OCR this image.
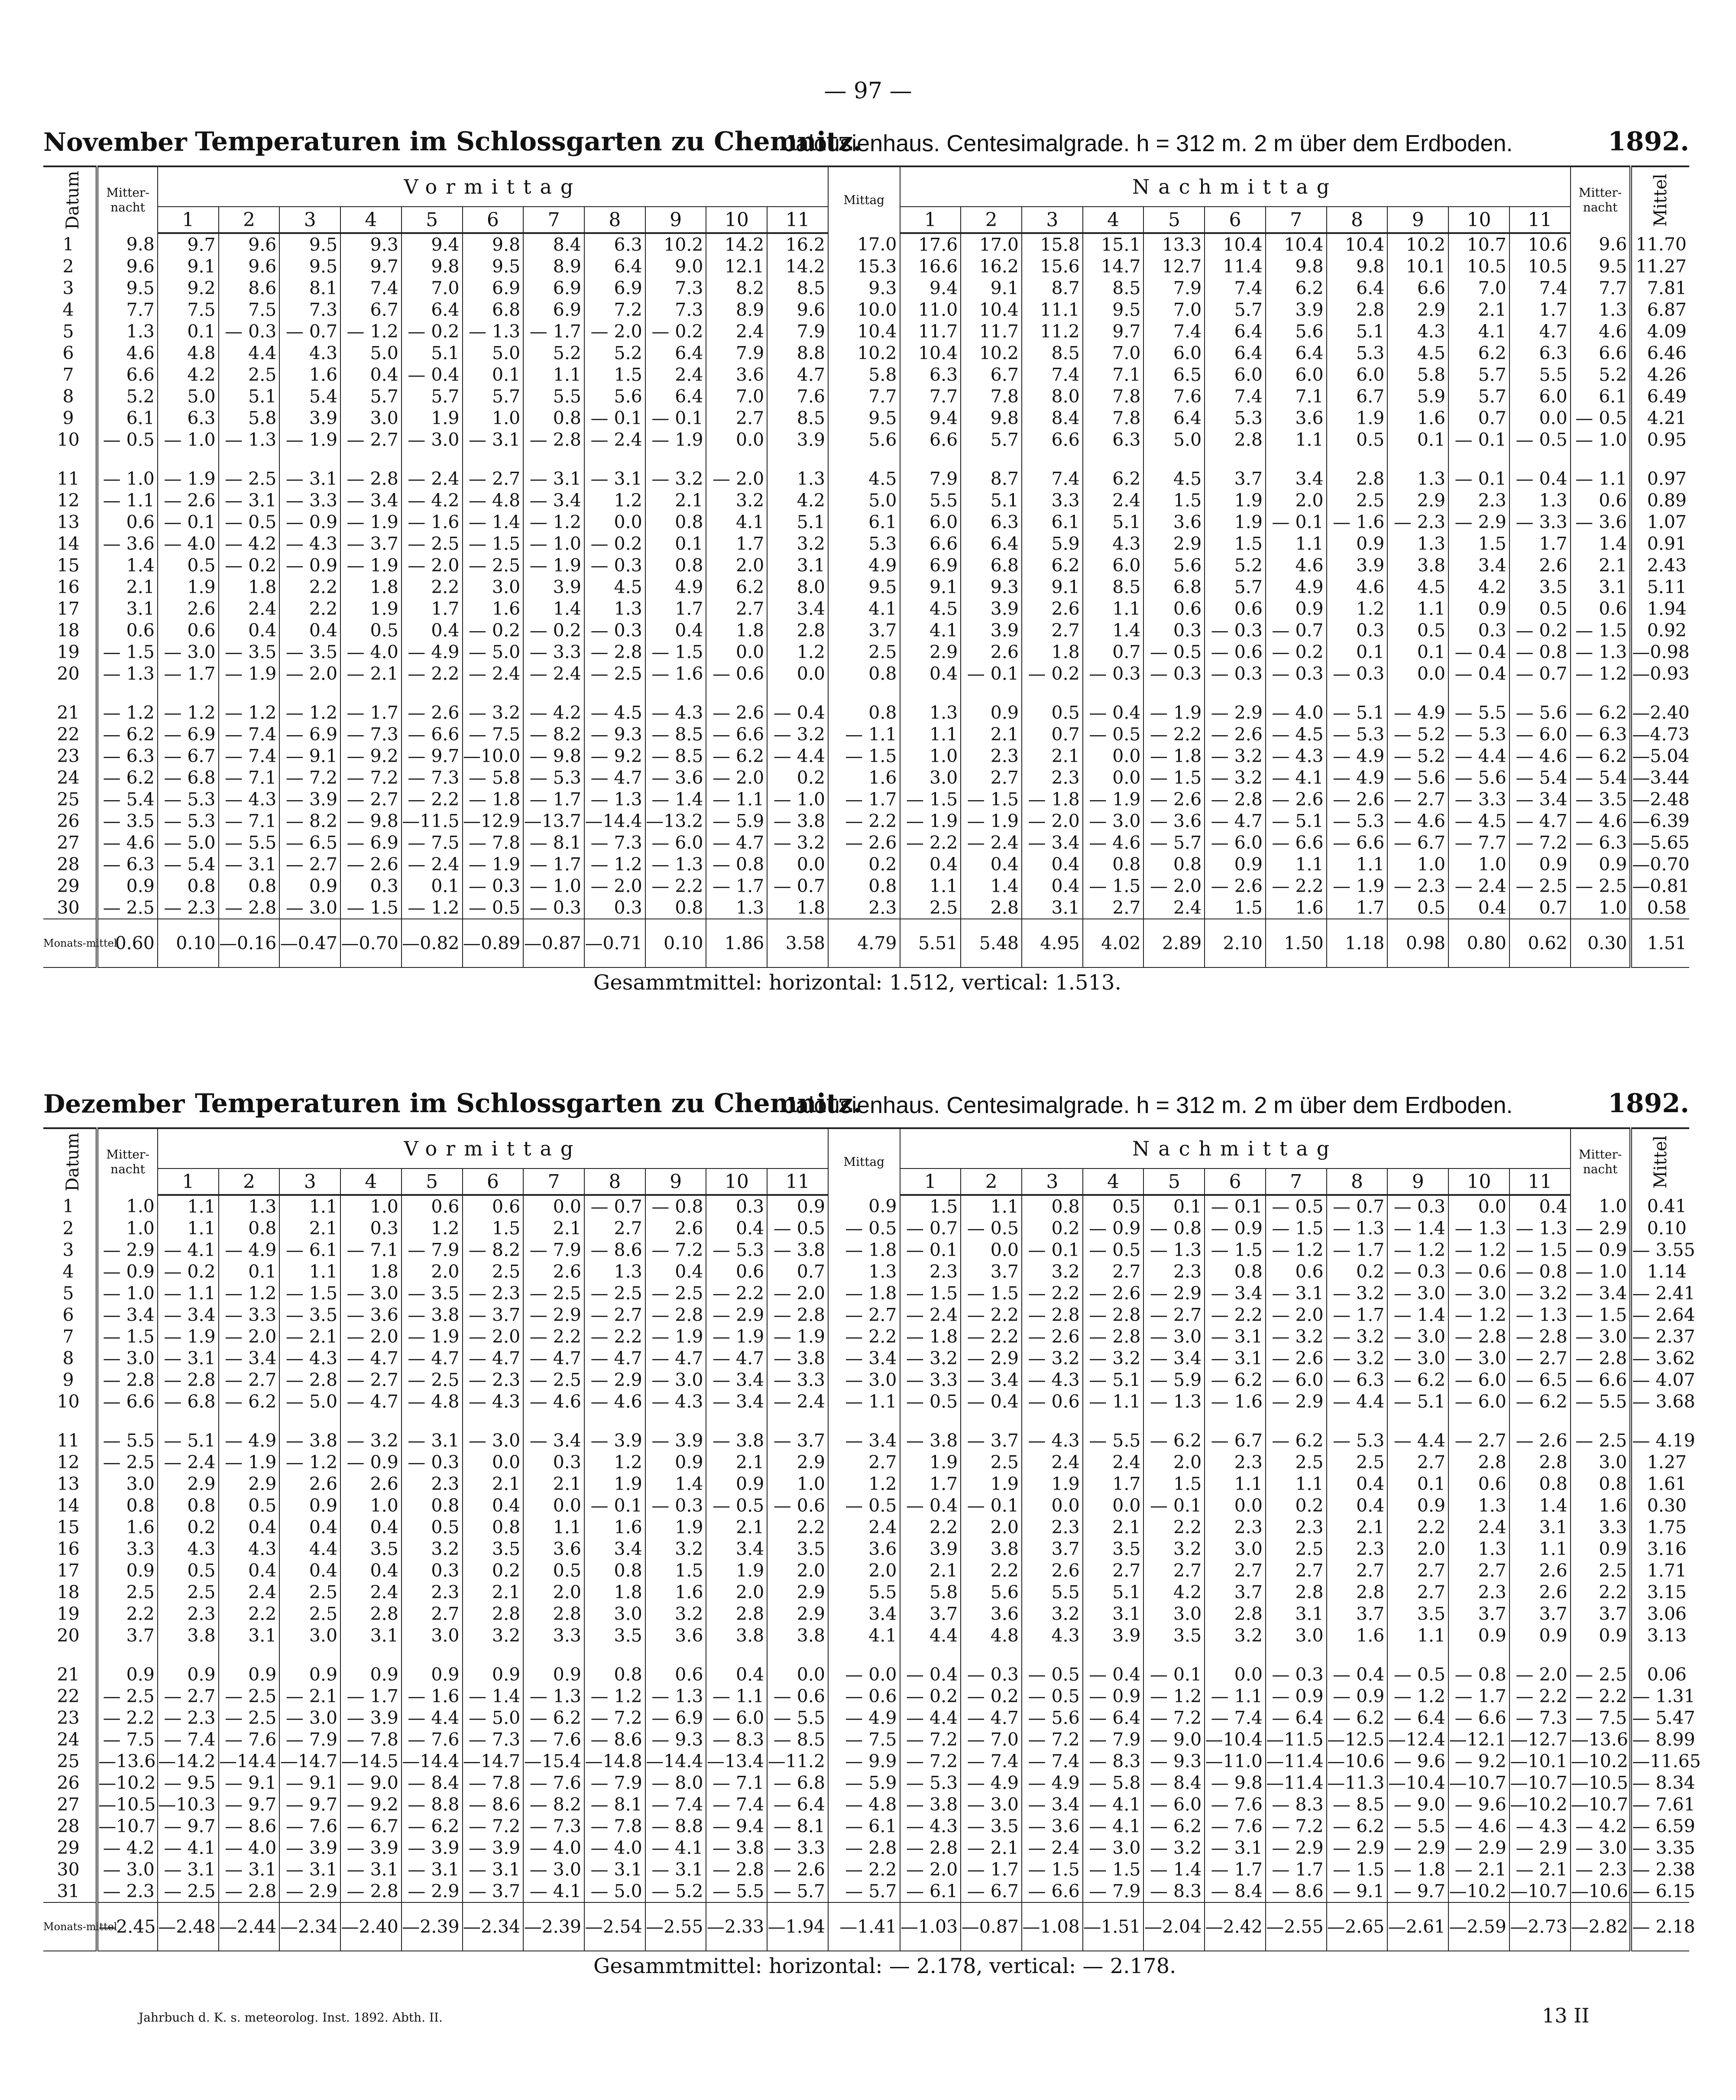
— 97 —
November Temperaturen im Schlossgarten zu Chemnitz.
Jalousienhaus. Centesimalgrade. h = 312 m. 2 m über dem Erdboden.	1892.
Datum	Mitter-nacht	Vormittag											Mittag	Nachmittag											Mitter-nacht	Mittel
		1	2	3	4	5	6	7	8	9	10	11		1	2	3	4	5	6	7	8	9	10	11		
1	9.8	9.7	9.6	9.5	9.3	9.4	9.8	8.4	6.3	10.2	14.2	16.2	17.0	17.6	17.0	15.8	15.1	13.3	10.4	10.4	10.4	10.2	10.7	10.6	9.6	11.70
2	9.6	9.1	9.6	9.5	9.7	9.8	9.5	8.9	6.4	9.0	12.1	14.2	15.3	16.6	16.2	15.6	14.7	12.7	11.4	9.8	9.8	10.1	10.5	10.5	9.5	11.27
3	9.5	9.2	8.6	8.1	7.4	7.0	6.9	6.9	6.9	7.3	8.2	8.5	9.3	9.4	9.1	8.7	8.5	7.9	7.4	6.2	6.4	6.6	7.0	7.4	7.7	7.81
4	7.7	7.5	7.5	7.3	6.7	6.4	6.8	6.9	7.2	7.3	8.9	9.6	10.0	11.0	10.4	11.1	9.5	7.0	5.7	3.9	2.8	2.9	2.1	1.7	1.3	6.87
5	1.3	0.1	— 0.3	— 0.7	— 1.2	— 0.2	— 1.3	— 1.7	— 2.0	— 0.2	2.4	7.9	10.4	11.7	11.7	11.2	9.7	7.4	6.4	5.6	5.1	4.3	4.1	4.7	4.6	4.09
6	4.6	4.8	4.4	4.3	5.0	5.1	5.0	5.2	5.2	6.4	7.9	8.8	10.2	10.4	10.2	8.5	7.0	6.0	6.4	6.4	5.3	4.5	6.2	6.3	6.6	6.46
7	6.6	4.2	2.5	1.6	0.4	— 0.4	0.1	1.1	1.5	2.4	3.6	4.7	5.8	6.3	6.7	7.4	7.1	6.5	6.0	6.0	6.0	5.8	5.7	5.5	5.2	4.26
8	5.2	5.0	5.1	5.4	5.7	5.7	5.7	5.5	5.6	6.4	7.0	7.6	7.7	7.7	7.8	8.0	7.8	7.6	7.4	7.1	6.7	5.9	5.7	6.0	6.1	6.49
9	6.1	6.3	5.8	3.9	3.0	1.9	1.0	0.8	— 0.1	— 0.1	2.7	8.5	9.5	9.4	9.8	8.4	7.8	6.4	5.3	3.6	1.9	1.6	0.7	0.0	— 0.5	4.21
10	— 0.5	— 1.0	— 1.3	— 1.9	— 2.7	— 3.0	— 3.1	— 2.8	— 2.4	— 1.9	0.0	3.9	5.6	6.6	5.7	6.6	6.3	5.0	2.8	1.1	0.5	0.1	— 0.1	— 0.5	— 1.0	0.95

11	— 1.0	— 1.9	— 2.5	— 3.1	— 2.8	— 2.4	— 2.7	— 3.1	— 3.1	— 3.2	— 2.0	1.3	4.5	7.9	8.7	7.4	6.2	4.5	3.7	3.4	2.8	1.3	— 0.1	— 0.4	— 1.1	0.97
12	— 1.1	— 2.6	— 3.1	— 3.3	— 3.4	— 4.2	— 4.8	— 3.4	1.2	2.1	3.2	4.2	5.0	5.5	5.1	3.3	2.4	1.5	1.9	2.0	2.5	2.9	2.3	1.3	0.6	0.89
13	0.6	— 0.1	— 0.5	— 0.9	— 1.9	— 1.6	— 1.4	— 1.2	0.0	0.8	4.1	5.1	6.1	6.0	6.3	6.1	5.1	3.6	1.9	— 0.1	— 1.6	— 2.3	— 2.9	— 3.3	— 3.6	1.07
14	— 3.6	— 4.0	— 4.2	— 4.3	— 3.7	— 2.5	— 1.5	— 1.0	— 0.2	0.1	1.7	3.2	5.3	6.6	6.4	5.9	4.3	2.9	1.5	1.1	0.9	1.3	1.5	1.7	1.4	0.91
15	1.4	0.5	— 0.2	— 0.9	— 1.9	— 2.0	— 2.5	— 1.9	— 0.3	0.8	2.0	3.1	4.9	6.9	6.8	6.2	6.0	5.6	5.2	4.6	3.9	3.8	3.4	2.6	2.1	2.43
16	2.1	1.9	1.8	2.2	1.8	2.2	3.0	3.9	4.5	4.9	6.2	8.0	9.5	9.1	9.3	9.1	8.5	6.8	5.7	4.9	4.6	4.5	4.2	3.5	3.1	5.11
17	3.1	2.6	2.4	2.2	1.9	1.7	1.6	1.4	1.3	1.7	2.7	3.4	4.1	4.5	3.9	2.6	1.1	0.6	0.6	0.9	1.2	1.1	0.9	0.5	0.6	1.94
18	0.6	0.6	0.4	0.4	0.5	0.4	— 0.2	— 0.2	— 0.3	0.4	1.8	2.8	3.7	4.1	3.9	2.7	1.4	0.3	— 0.3	— 0.7	0.3	0.5	0.3	— 0.2	— 1.5	0.92
19	— 1.5	— 3.0	— 3.5	— 3.5	— 4.0	— 4.9	— 5.0	— 3.3	— 2.8	— 1.5	0.0	1.2	2.5	2.9	2.6	1.8	0.7	— 0.5	— 0.6	— 0.2	0.1	0.1	— 0.4	— 0.8	— 1.3	—0.98
20	— 1.3	— 1.7	— 1.9	— 2.0	— 2.1	— 2.2	— 2.4	— 2.4	— 2.5	— 1.6	— 0.6	0.0	0.8	0.4	— 0.1	— 0.2	— 0.3	— 0.3	— 0.3	— 0.3	— 0.3	0.0	— 0.4	— 0.7	— 1.2	—0.93

21	— 1.2	— 1.2	— 1.2	— 1.2	— 1.7	— 2.6	— 3.2	— 4.2	— 4.5	— 4.3	— 2.6	— 0.4	0.8	1.3	0.9	0.5	— 0.4	— 1.9	— 2.9	— 4.0	— 5.1	— 4.9	— 5.5	— 5.6	— 6.2	—2.40
22	— 6.2	— 6.9	— 7.4	— 6.9	— 7.3	— 6.6	— 7.5	— 8.2	— 9.3	— 8.5	— 6.6	— 3.2	— 1.1	1.1	2.1	0.7	— 0.5	— 2.2	— 2.6	— 4.5	— 5.3	— 5.2	— 5.3	— 6.0	— 6.3	—4.73
23	— 6.3	— 6.7	— 7.4	— 9.1	— 9.2	— 9.7	—10.0	— 9.8	— 9.2	— 8.5	— 6.2	— 4.4	— 1.5	1.0	2.3	2.1	0.0	— 1.8	— 3.2	— 4.3	— 4.9	— 5.2	— 4.4	— 4.6	— 6.2	—5.04
24	— 6.2	— 6.8	— 7.1	— 7.2	— 7.2	— 7.3	— 5.8	— 5.3	— 4.7	— 3.6	— 2.0	0.2	1.6	3.0	2.7	2.3	0.0	— 1.5	— 3.2	— 4.1	— 4.9	— 5.6	— 5.6	— 5.4	— 5.4	—3.44
25	— 5.4	— 5.3	— 4.3	— 3.9	— 2.7	— 2.2	— 1.8	— 1.7	— 1.3	— 1.4	— 1.1	— 1.0	— 1.7	— 1.5	— 1.5	— 1.8	— 1.9	— 2.6	— 2.8	— 2.6	— 2.6	— 2.7	— 3.3	— 3.4	— 3.5	—2.48
26	— 3.5	— 5.3	— 7.1	— 8.2	— 9.8	—11.5	—12.9	—13.7	—14.4	—13.2	— 5.9	— 3.8	— 2.2	— 1.9	— 1.9	— 2.0	— 3.0	— 3.6	— 4.7	— 5.1	— 5.3	— 4.6	— 4.5	— 4.7	— 4.6	—6.39
27	— 4.6	— 5.0	— 5.5	— 6.5	— 6.9	— 7.5	— 7.8	— 8.1	— 7.3	— 6.0	— 4.7	— 3.2	— 2.6	— 2.2	— 2.4	— 3.4	— 4.6	— 5.7	— 6.0	— 6.6	— 6.6	— 6.7	— 7.7	— 7.2	— 6.3	—5.65
28	— 6.3	— 5.4	— 3.1	— 2.7	— 2.6	— 2.4	— 1.9	— 1.7	— 1.2	— 1.3	— 0.8	0.0	0.2	0.4	0.4	0.4	0.8	0.8	0.9	1.1	1.1	1.0	1.0	0.9	0.9	—0.70
29	0.9	0.8	0.8	0.9	0.3	0.1	— 0.3	— 1.0	— 2.0	— 2.2	— 1.7	— 0.7	0.8	1.1	1.4	0.4	— 1.5	— 2.0	— 2.6	— 2.2	— 1.9	— 2.3	— 2.4	— 2.5	— 2.5	—0.81
30	— 2.5	— 2.3	— 2.8	— 3.0	— 1.5	— 1.2	— 0.5	— 0.3	0.3	0.8	1.3	1.8	2.3	2.5	2.8	3.1	2.7	2.4	1.5	1.6	1.7	0.5	0.4	0.7	1.0	0.58
Monats-mittel	0.60	0.10	—0.16	—0.47	—0.70	—0.82	—0.89	—0.87	—0.71	0.10	1.86	3.58	4.79	5.51	5.48	4.95	4.02	2.89	2.10	1.50	1.18	0.98	0.80	0.62	0.30	1.51
Gesammtmittel: horizontal: 1.512, vertical: 1.513.
Dezember Temperaturen im Schlossgarten zu Chemnitz.
Jalousienhaus. Centesimalgrade. h = 312 m. 2 m über dem Erdboden.	1892.
Datum	Mitter-nacht	Vormittag											Mittag	Nachmittag											Mitter-nacht	Mittel
		1	2	3	4	5	6	7	8	9	10	11		1	2	3	4	5	6	7	8	9	10	11		
1	1.0	1.1	1.3	1.1	1.0	0.6	0.6	0.0	— 0.7	— 0.8	0.3	0.9	0.9	1.5	1.1	0.8	0.5	0.1	— 0.1	— 0.5	— 0.7	— 0.3	0.0	0.4	1.0	0.41
2	1.0	1.1	0.8	2.1	0.3	1.2	1.5	2.1	2.7	2.6	0.4	— 0.5	— 0.5	— 0.7	— 0.5	0.2	— 0.9	— 0.8	— 0.9	— 1.5	— 1.3	— 1.4	— 1.3	— 1.3	— 2.9	0.10
3	— 2.9	— 4.1	— 4.9	— 6.1	— 7.1	— 7.9	— 8.2	— 7.9	— 8.6	— 7.2	— 5.3	— 3.8	— 1.8	— 0.1	0.0	— 0.1	— 0.5	— 1.3	— 1.5	— 1.2	— 1.7	— 1.2	— 1.2	— 1.5	— 0.9	— 3.55
4	— 0.9	— 0.2	0.1	1.1	1.8	2.0	2.5	2.6	1.3	0.4	0.6	0.7	1.3	2.3	3.7	3.2	2.7	2.3	0.8	0.6	0.2	— 0.3	— 0.6	— 0.8	— 1.0	1.14
5	— 1.0	— 1.1	— 1.2	— 1.5	— 3.0	— 3.5	— 2.3	— 2.5	— 2.5	— 2.5	— 2.2	— 2.0	— 1.8	— 1.5	— 1.5	— 2.2	— 2.6	— 2.9	— 3.4	— 3.1	— 3.2	— 3.0	— 3.0	— 3.2	— 3.4	— 2.41
6	— 3.4	— 3.4	— 3.3	— 3.5	— 3.6	— 3.8	— 3.7	— 2.9	— 2.7	— 2.8	— 2.9	— 2.8	— 2.7	— 2.4	— 2.2	— 2.8	— 2.8	— 2.7	— 2.2	— 2.0	— 1.7	— 1.4	— 1.2	— 1.3	— 1.5	— 2.64
7	— 1.5	— 1.9	— 2.0	— 2.1	— 2.0	— 1.9	— 2.0	— 2.2	— 2.2	— 1.9	— 1.9	— 1.9	— 2.2	— 1.8	— 2.2	— 2.6	— 2.8	— 3.0	— 3.1	— 3.2	— 3.2	— 3.0	— 2.8	— 2.8	— 3.0	— 2.37
8	— 3.0	— 3.1	— 3.4	— 4.3	— 4.7	— 4.7	— 4.7	— 4.7	— 4.7	— 4.7	— 4.7	— 3.8	— 3.4	— 3.2	— 2.9	— 3.2	— 3.2	— 3.4	— 3.1	— 2.6	— 3.2	— 3.0	— 3.0	— 2.7	— 2.8	— 3.62
9	— 2.8	— 2.8	— 2.7	— 2.8	— 2.7	— 2.5	— 2.3	— 2.5	— 2.9	— 3.0	— 3.4	— 3.3	— 3.0	— 3.3	— 3.4	— 4.3	— 5.1	— 5.9	— 6.2	— 6.0	— 6.3	— 6.2	— 6.0	— 6.5	— 6.6	— 4.07
10	— 6.6	— 6.8	— 6.2	— 5.0	— 4.7	— 4.8	— 4.3	— 4.6	— 4.6	— 4.3	— 3.4	— 2.4	— 1.1	— 0.5	— 0.4	— 0.6	— 1.1	— 1.3	— 1.6	— 2.9	— 4.4	— 5.1	— 6.0	— 6.2	— 5.5	— 3.68

11	— 5.5	— 5.1	— 4.9	— 3.8	— 3.2	— 3.1	— 3.0	— 3.4	— 3.9	— 3.9	— 3.8	— 3.7	— 3.4	— 3.8	— 3.7	— 4.3	— 5.5	— 6.2	— 6.7	— 6.2	— 5.3	— 4.4	— 2.7	— 2.6	— 2.5	— 4.19
12	— 2.5	— 2.4	— 1.9	— 1.2	— 0.9	— 0.3	0.0	0.3	1.2	0.9	2.1	2.9	2.7	1.9	2.5	2.4	2.4	2.0	2.3	2.5	2.5	2.7	2.8	2.8	3.0	1.27
13	3.0	2.9	2.9	2.6	2.6	2.3	2.1	2.1	1.9	1.4	0.9	1.0	1.2	1.7	1.9	1.9	1.7	1.5	1.1	1.1	0.4	0.1	0.6	0.8	0.8	1.61
14	0.8	0.8	0.5	0.9	1.0	0.8	0.4	0.0	— 0.1	— 0.3	— 0.5	— 0.6	— 0.5	— 0.4	— 0.1	0.0	0.0	— 0.1	0.0	0.2	0.4	0.9	1.3	1.4	1.6	0.30
15	1.6	0.2	0.4	0.4	0.4	0.5	0.8	1.1	1.6	1.9	2.1	2.2	2.4	2.2	2.0	2.3	2.1	2.2	2.3	2.3	2.1	2.2	2.4	3.1	3.3	1.75
16	3.3	4.3	4.3	4.4	3.5	3.2	3.5	3.6	3.4	3.2	3.4	3.5	3.6	3.9	3.8	3.7	3.5	3.2	3.0	2.5	2.3	2.0	1.3	1.1	0.9	3.16
17	0.9	0.5	0.4	0.4	0.4	0.3	0.2	0.5	0.8	1.5	1.9	2.0	2.0	2.1	2.2	2.6	2.7	2.7	2.7	2.7	2.7	2.7	2.7	2.6	2.5	1.71
18	2.5	2.5	2.4	2.5	2.4	2.3	2.1	2.0	1.8	1.6	2.0	2.9	5.5	5.8	5.6	5.5	5.1	4.2	3.7	2.8	2.8	2.7	2.3	2.6	2.2	3.15
19	2.2	2.3	2.2	2.5	2.8	2.7	2.8	2.8	3.0	3.2	2.8	2.9	3.4	3.7	3.6	3.2	3.1	3.0	2.8	3.1	3.7	3.5	3.7	3.7	3.7	3.06
20	3.7	3.8	3.1	3.0	3.1	3.0	3.2	3.3	3.5	3.6	3.8	3.8	4.1	4.4	4.8	4.3	3.9	3.5	3.2	3.0	1.6	1.1	0.9	0.9	0.9	3.13

21	0.9	0.9	0.9	0.9	0.9	0.9	0.9	0.9	0.8	0.6	0.4	0.0	— 0.0	— 0.4	— 0.3	— 0.5	— 0.4	— 0.1	0.0	— 0.3	— 0.4	— 0.5	— 0.8	— 2.0	— 2.5	0.06
22	— 2.5	— 2.7	— 2.5	— 2.1	— 1.7	— 1.6	— 1.4	— 1.3	— 1.2	— 1.3	— 1.1	— 0.6	— 0.6	— 0.2	— 0.2	— 0.5	— 0.9	— 1.2	— 1.1	— 0.9	— 0.9	— 1.2	— 1.7	— 2.2	— 2.2	— 1.31
23	— 2.2	— 2.3	— 2.5	— 3.0	— 3.9	— 4.4	— 5.0	— 6.2	— 7.2	— 6.9	— 6.0	— 5.5	— 4.9	— 4.4	— 4.7	— 5.6	— 6.4	— 7.2	— 7.4	— 6.4	— 6.2	— 6.4	— 6.6	— 7.3	— 7.5	— 5.47
24	— 7.5	— 7.4	— 7.6	— 7.9	— 7.8	— 7.6	— 7.3	— 7.6	— 8.6	— 9.3	— 8.3	— 8.5	— 7.5	— 7.2	— 7.0	— 7.2	— 7.9	— 9.0	—10.4	—11.5	—12.5	—12.4	—12.1	—12.7	—13.6	— 8.99
25	—13.6	—14.2	—14.4	—14.7	—14.5	—14.4	—14.7	—15.4	—14.8	—14.4	—13.4	—11.2	— 9.9	— 7.2	— 7.4	— 7.4	— 8.3	— 9.3	—11.0	—11.4	—10.6	— 9.6	— 9.2	—10.1	—10.2	—11.65
26	—10.2	— 9.5	— 9.1	— 9.1	— 9.0	— 8.4	— 7.8	— 7.6	— 7.9	— 8.0	— 7.1	— 6.8	— 5.9	— 5.3	— 4.9	— 4.9	— 5.8	— 8.4	— 9.8	—11.4	—11.3	—10.4	—10.7	—10.7	—10.5	— 8.34
27	—10.5	—10.3	— 9.7	— 9.7	— 9.2	— 8.8	— 8.6	— 8.2	— 8.1	— 7.4	— 7.4	— 6.4	— 4.8	— 3.8	— 3.0	— 3.4	— 4.1	— 6.0	— 7.6	— 8.3	— 8.5	— 9.0	— 9.6	—10.2	—10.7	— 7.61
28	—10.7	— 9.7	— 8.6	— 7.6	— 6.7	— 6.2	— 7.2	— 7.3	— 7.8	— 8.8	— 9.4	— 8.1	— 6.1	— 4.3	— 3.5	— 3.6	— 4.1	— 6.2	— 7.6	— 7.2	— 6.2	— 5.5	— 4.6	— 4.3	— 4.2	— 6.59
29	— 4.2	— 4.1	— 4.0	— 3.9	— 3.9	— 3.9	— 3.9	— 4.0	— 4.0	— 4.1	— 3.8	— 3.3	— 2.8	— 2.8	— 2.1	— 2.4	— 3.0	— 3.2	— 3.1	— 2.9	— 2.9	— 2.9	— 2.9	— 2.9	— 3.0	— 3.35
30	— 3.0	— 3.1	— 3.1	— 3.1	— 3.1	— 3.1	— 3.1	— 3.0	— 3.1	— 3.1	— 2.8	— 2.6	— 2.2	— 2.0	— 1.7	— 1.5	— 1.5	— 1.4	— 1.7	— 1.7	— 1.5	— 1.8	— 2.1	— 2.1	— 2.3	— 2.38
31	— 2.3	— 2.5	— 2.8	— 2.9	— 2.8	— 2.9	— 3.7	— 4.1	— 5.0	— 5.2	— 5.5	— 5.7	— 5.7	— 6.1	— 6.7	— 6.6	— 7.9	— 8.3	— 8.4	— 8.6	— 9.1	— 9.7	—10.2	—10.7	—10.6	— 6.15
Monats-mittel	—2.45	—2.48	—2.44	—2.34	—2.40	—2.39	—2.34	—2.39	—2.54	—2.55	—2.33	—1.94	—1.41	—1.03	—0.87	—1.08	—1.51	—2.04	—2.42	—2.55	—2.65	—2.61	—2.59	—2.73	—2.82	— 2.18
Gesammtmittel: horizontal: — 2.178, vertical: — 2.178.
Jahrbuch d. K. s. meteorolog. Inst. 1892. Abth. II.	13 II
